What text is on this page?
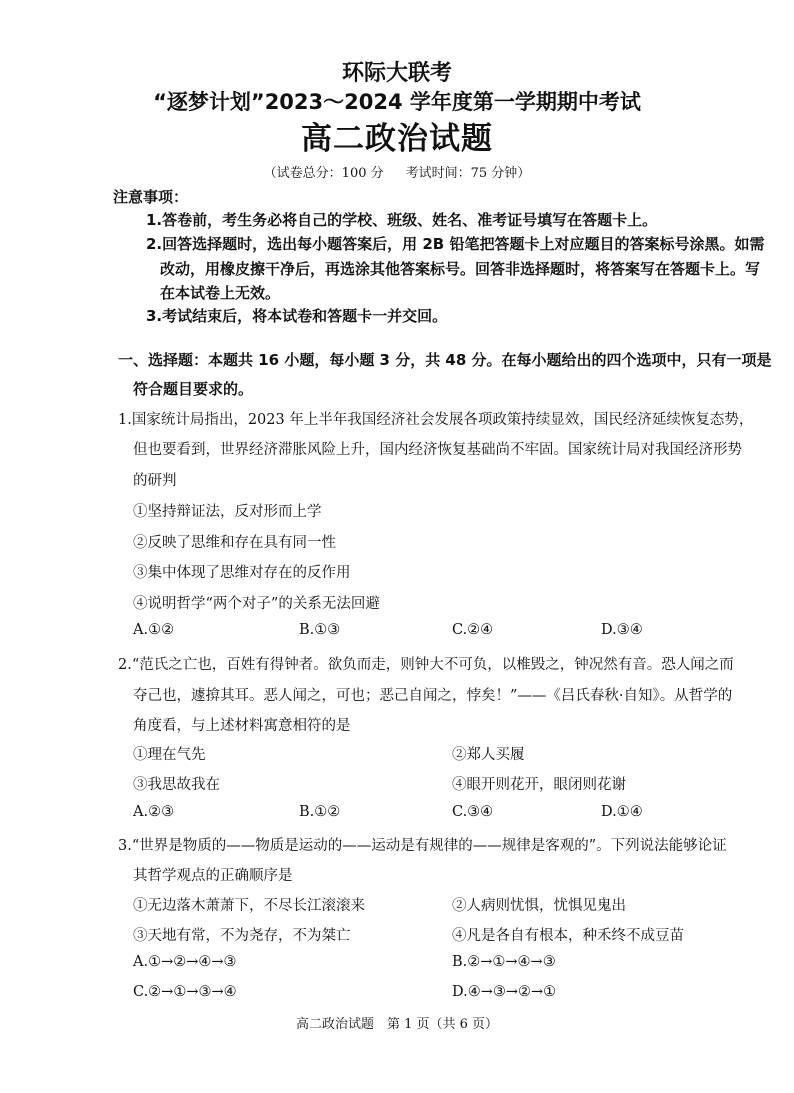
环际大联考
“逐梦计划”2023～2024 学年度第一学期期中考试
高二政治试题
（试卷总分：100 分 考试时间：75 分钟）
注意事项：
1.答卷前，考生务必将自己的学校、班级、姓名、准考证号填写在答题卡上。
2.回答选择题时，选出每小题答案后，用 2B 铅笔把答题卡上对应题目的答案标号涂黑。如需
改动，用橡皮擦干净后，再选涂其他答案标号。回答非选择题时，将答案写在答题卡上。写
在本试卷上无效。
3.考试结束后，将本试卷和答题卡一并交回。
一、选择题：本题共 16 小题，每小题 3 分，共 48 分。在每小题给出的四个选项中，只有一项是
符合题目要求的。
1.国家统计局指出，2023 年上半年我国经济社会发展各项政策持续显效，国民经济延续恢复态势，
但也要看到，世界经济滞胀风险上升，国内经济恢复基础尚不牢固。国家统计局对我国经济形势
的研判
①坚持辩证法，反对形而上学
②反映了思维和存在具有同一性
③集中体现了思维对存在的反作用
④说明哲学“两个对子”的关系无法回避
A.①②	B.①③	C.②④	D.③④
2.“范氏之亡也，百姓有得钟者。欲负而走，则钟大不可负，以椎毁之，钟况然有音。恐人闻之而
夺己也，遽揜其耳。恶人闻之，可也；恶己自闻之，悖矣！”——《吕氏春秋·自知》。从哲学的
角度看，与上述材料寓意相符的是
①理在气先	②郑人买履
③我思故我在	④眼开则花开，眼闭则花谢
A.②③	B.①②	C.③④	D.①④
3.“世界是物质的——物质是运动的——运动是有规律的——规律是客观的”。下列说法能够论证
其哲学观点的正确顺序是
①无边落木萧萧下，不尽长江滚滚来	②人病则忧惧，忧惧见鬼出
③天地有常，不为尧存，不为桀亡	④凡是各自有根本，种禾终不成豆苗
A.①→②→④→③	B.②→①→④→③
C.②→①→③→④	D.④→③→②→①
高二政治试题　第 1 页（共 6 页）
